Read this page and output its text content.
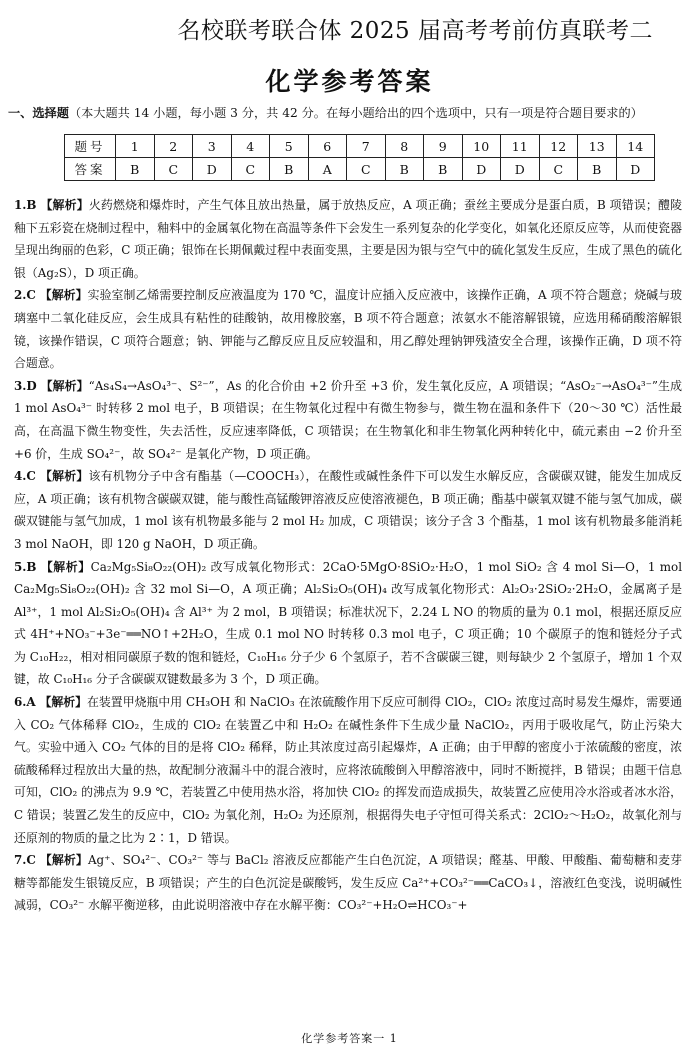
名校联考联合体 2025 届高考考前仿真联考二
化学参考答案
一、选择题（本大题共 14 小题，每小题 3 分，共 42 分。在每小题给出的四个选项中，只有一项是符合题目要求的）
题号	1	2	3	4	5	6	7	8	9	10	11	12	13	14
答案	B	C	D	C	B	A	C	B	B	D	D	C	B	D

1.B 【解析】火药燃烧和爆炸时，产生气体且放出热量，属于放热反应，A 项正确；蚕丝主要成分是蛋白质，B 项错误；醴陵釉下五彩瓷在烧制过程中，釉料中的金属氧化物在高温等条件下会发生一系列复杂的化学变化，如氧化还原反应等，从而使瓷器呈现出绚丽的色彩，C 项正确；银饰在长期佩戴过程中表面变黑，主要是因为银与空气中的硫化氢发生反应，生成了黑色的硫化银（Ag₂S），D 项正确。

2.C 【解析】实验室制乙烯需要控制反应液温度为 170 ℃，温度计应插入反应液中，该操作正确，A 项不符合题意；烧碱与玻璃塞中二氧化硅反应，会生成具有粘性的硅酸钠，故用橡胶塞，B 项不符合题意；浓氨水不能溶解银镜，应选用稀硝酸溶解银镜，该操作错误，C 项符合题意；钠、钾能与乙醇反应且反应较温和，用乙醇处理钠钾残渣安全合理，该操作正确，D 项不符合题意。

3.D 【解析】“As₄S₄→AsO₄³⁻、S²⁻”，As 的化合价由 +2 价升至 +3 价，发生氧化反应，A 项错误；“AsO₂⁻→AsO₄³⁻”生成 1 mol AsO₄³⁻ 时转移 2 mol 电子，B 项错误；在生物氧化过程中有微生物参与，微生物在温和条件下（20～30 ℃）活性最高，在高温下微生物变性，失去活性，反应速率降低，C 项错误；在生物氧化和非生物氧化两种转化中，硫元素由 −2 价升至 +6 价，生成 SO₄²⁻，故 SO₄²⁻ 是氧化产物，D 项正确。

4.C 【解析】该有机物分子中含有酯基（—COOCH₃），在酸性或碱性条件下可以发生水解反应，含碳碳双键，能发生加成反应，A 项正确；该有机物含碳碳双键，能与酸性高锰酸钾溶液反应使溶液褪色，B 项正确；酯基中碳氧双键不能与氢气加成，碳碳双键能与氢气加成，1 mol 该有机物最多能与 2 mol H₂ 加成，C 项错误；该分子含 3 个酯基，1 mol 该有机物最多能消耗 3 mol NaOH，即 120 g NaOH，D 项正确。

5.B 【解析】Ca₂Mg₅Si₈O₂₂(OH)₂ 改写成氧化物形式：2CaO·5MgO·8SiO₂·H₂O，1 mol SiO₂ 含 4 mol Si—O，1 mol Ca₂Mg₅Si₈O₂₂(OH)₂ 含 32 mol Si—O，A 项正确；Al₂Si₂O₅(OH)₄ 改写成氧化物形式：Al₂O₃·2SiO₂·2H₂O，金属离子是 Al³⁺，1 mol Al₂Si₂O₅(OH)₄ 含 Al³⁺ 为 2 mol，B 项错误；标准状况下，2.24 L NO 的物质的量为 0.1 mol，根据还原反应式 4H⁺+NO₃⁻+3e⁻══NO↑+2H₂O，生成 0.1 mol NO 时转移 0.3 mol 电子，C 项正确；10 个碳原子的饱和链烃分子式为 C₁₀H₂₂，相对相同碳原子数的饱和链烃，C₁₀H₁₆ 分子少 6 个氢原子，若不含碳碳三键，则每缺少 2 个氢原子，增加 1 个双键，故 C₁₀H₁₆ 分子含碳碳双键数最多为 3 个，D 项正确。

6.A 【解析】在装置甲烧瓶中用 CH₃OH 和 NaClO₃ 在浓硫酸作用下反应可制得 ClO₂，ClO₂ 浓度过高时易发生爆炸，需要通入 CO₂ 气体稀释 ClO₂，生成的 ClO₂ 在装置乙中和 H₂O₂ 在碱性条件下生成少量 NaClO₂，丙用于吸收尾气，防止污染大气。实验中通入 CO₂ 气体的目的是将 ClO₂ 稀释，防止其浓度过高引起爆炸，A 正确；由于甲醇的密度小于浓硫酸的密度，浓硫酸稀释过程放出大量的热，故配制分液漏斗中的混合液时，应将浓硫酸倒入甲醇溶液中，同时不断搅拌，B 错误；由题干信息可知，ClO₂ 的沸点为 9.9 ℃，若装置乙中使用热水浴，将加快 ClO₂ 的挥发而造成损失，故装置乙应使用冷水浴或者冰水浴，C 错误；装置乙发生的反应中，ClO₂ 为氧化剂，H₂O₂ 为还原剂，根据得失电子守恒可得关系式：2ClO₂～H₂O₂，故氧化剂与还原剂的物质的量之比为 2∶1，D 错误。

7.C 【解析】Ag⁺、SO₄²⁻、CO₃²⁻ 等与 BaCl₂ 溶液反应都能产生白色沉淀，A 项错误；醛基、甲酸、甲酸酯、葡萄糖和麦芽糖等都能发生银镜反应，B 项错误；产生的白色沉淀是碳酸钙，发生反应 Ca²⁺+CO₃²⁻══CaCO₃↓，溶液红色变浅，说明碱性减弱，CO₃²⁻ 水解平衡逆移，由此说明溶液中存在水解平衡：CO₃²⁻+H₂O⇌HCO₃⁻+

化学参考答案一 1
